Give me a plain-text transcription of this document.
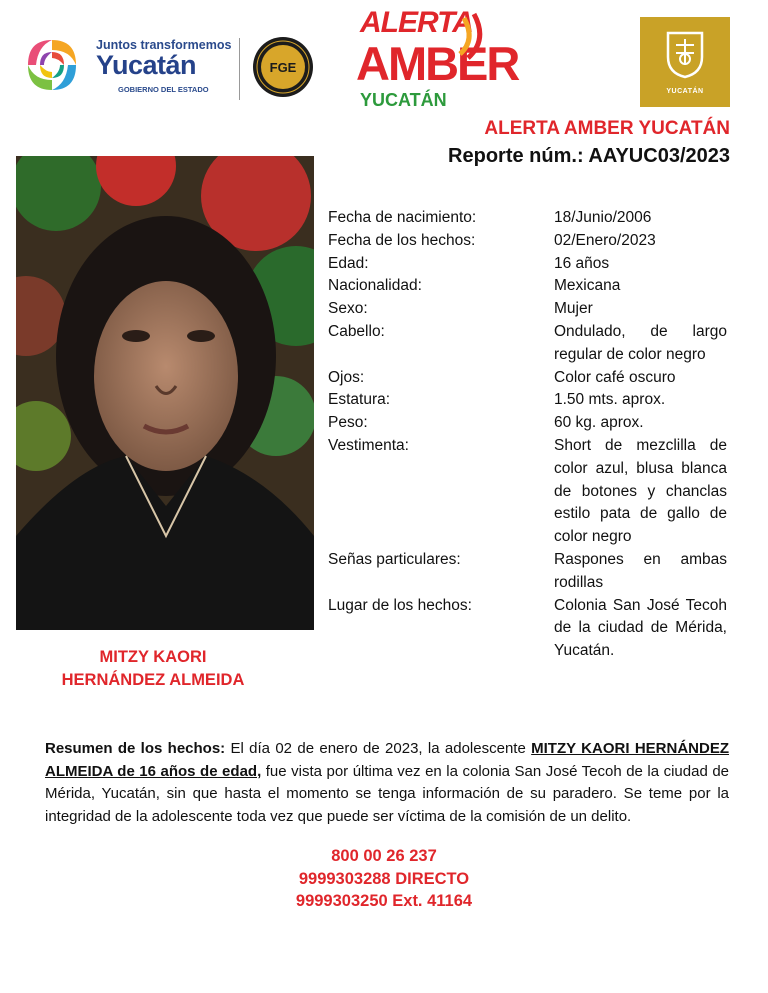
Juntos transformemos
Yucatán
GOBIERNO DEL ESTADO
FGE
ALERTA
AMBER
YUCATÁN	YUCATÁN
ALERTA AMBER YUCATÁN
Reporte núm.: AAYUC03/2023
MITZY KAORI
HERNÁNDEZ ALMEIDA
Fecha de nacimiento:	18/Junio/2006
Fecha de los hechos:	02/Enero/2023
Edad:	16 años
Nacionalidad:	Mexicana
Sexo:	Mujer
Cabello:	Ondulado, de largo regular de color negro
Ojos:	Color café oscuro
Estatura:	1.50 mts. aprox.
Peso:	60 kg. aprox.
Vestimenta:	Short de mezclilla de color azul, blusa blanca de botones y chanclas estilo pata de gallo de color negro
Señas particulares:	Raspones en ambas rodillas
Lugar de los hechos:	Colonia San José Tecoh de la ciudad de Mérida, Yucatán.
Resumen de los hechos: El día 02 de enero de 2023, la adolescente MITZY KAORI HERNÁNDEZ ALMEIDA de 16 años de edad, fue vista por última vez en la colonia San José Tecoh de la ciudad de Mérida, Yucatán, sin que hasta el momento se tenga información de su paradero. Se teme por la integridad de la adolescente toda vez que puede ser víctima de la comisión de un delito.
800 00 26 237
9999303288 DIRECTO
9999303250 Ext. 41164
